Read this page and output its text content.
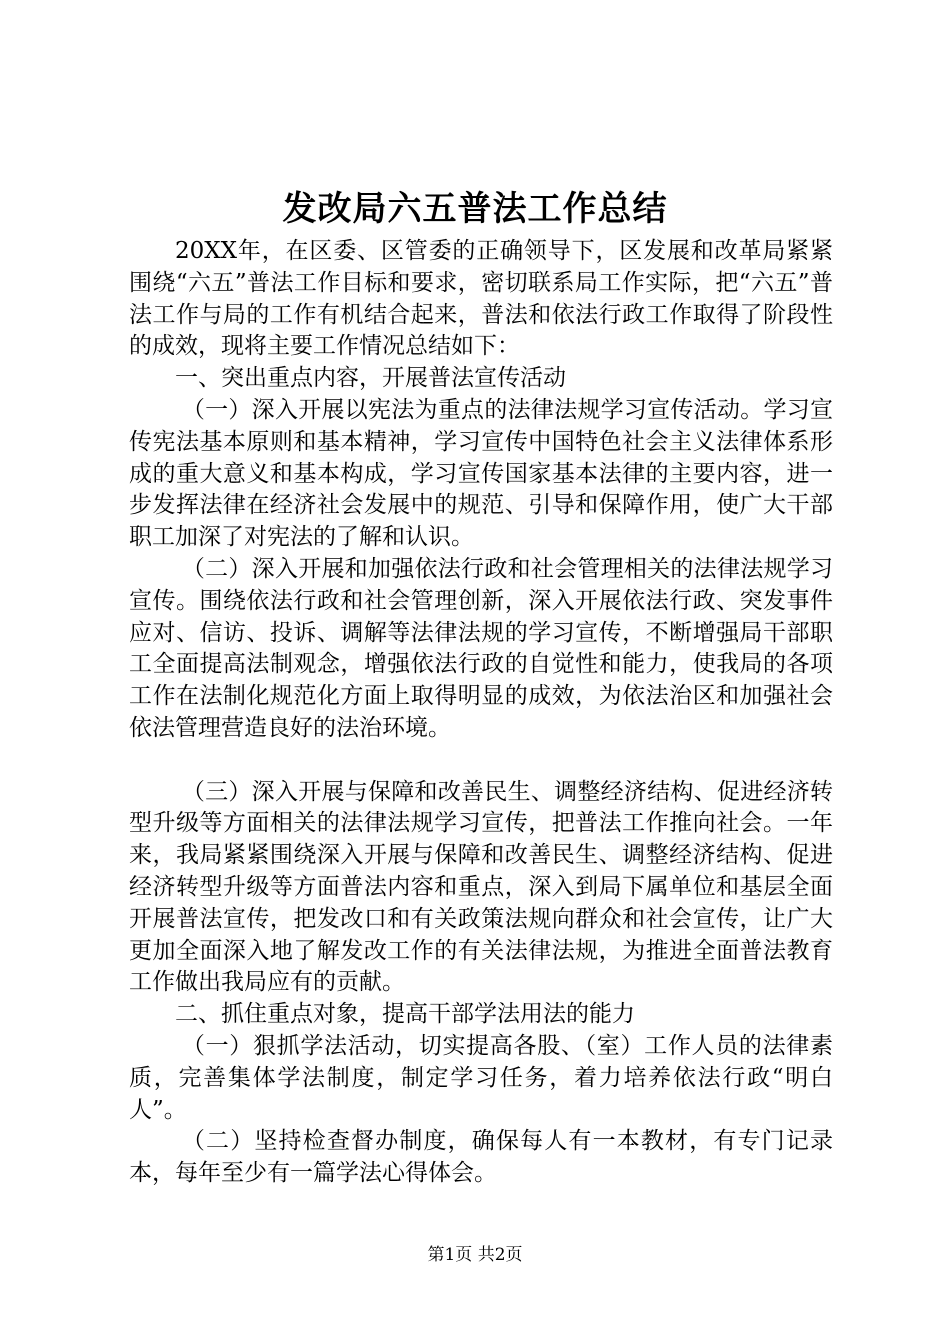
发改局六五普法工作总结

20XX年，在区委、区管委的正确领导下，区发展和改革局紧紧围绕“六五”普法工作目标和要求，密切联系局工作实际，把“六五”普法工作与局的工作有机结合起来，普法和依法行政工作取得了阶段性的成效，现将主要工作情况总结如下：

一、突出重点内容，开展普法宣传活动

（一）深入开展以宪法为重点的法律法规学习宣传活动。学习宣传宪法基本原则和基本精神，学习宣传中国特色社会主义法律体系形成的重大意义和基本构成，学习宣传国家基本法律的主要内容，进一步发挥法律在经济社会发展中的规范、引导和保障作用，使广大干部职工加深了对宪法的了解和认识。

（二）深入开展和加强依法行政和社会管理相关的法律法规学习宣传。围绕依法行政和社会管理创新，深入开展依法行政、突发事件应对、信访、投诉、调解等法律法规的学习宣传，不断增强局干部职工全面提高法制观念，增强依法行政的自觉性和能力，使我局的各项工作在法制化规范化方面上取得明显的成效，为依法治区和加强社会依法管理营造良好的法治环境。

（三）深入开展与保障和改善民生、调整经济结构、促进经济转型升级等方面相关的法律法规学习宣传，把普法工作推向社会。一年来，我局紧紧围绕深入开展与保障和改善民生、调整经济结构、促进经济转型升级等方面普法内容和重点，深入到局下属单位和基层全面开展普法宣传，把发改口和有关政策法规向群众和社会宣传，让广大更加全面深入地了解发改工作的有关法律法规，为推进全面普法教育工作做出我局应有的贡献。

二、抓住重点对象，提高干部学法用法的能力

（一）狠抓学法活动，切实提高各股、（室）工作人员的法律素质，完善集体学法制度，制定学习任务，着力培养依法行政“明白人”。

（二）坚持检查督办制度，确保每人有一本教材，有专门记录本，每年至少有一篇学法心得体会。

第1页 共2页
